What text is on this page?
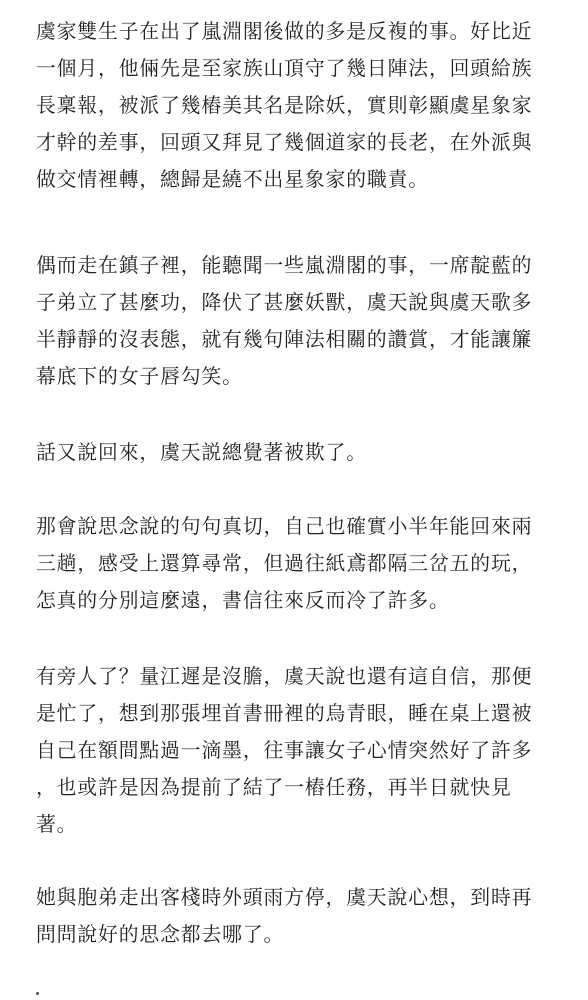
虞家雙生子在出了嵐淵閣後做的多是反複的事。好比近
一個月，他倆先是至家族山頂守了幾日陣法，回頭給族
長稟報，被派了幾樁美其名是除妖，實則彰顯虞星象家
才幹的差事，回頭又拜見了幾個道家的長老，在外派與
做交情裡轉，總歸是繞不出星象家的職責。
偶而走在鎮子裡，能聽聞一些嵐淵閣的事，一席靛藍的
子弟立了甚麼功，降伏了甚麼妖獸，虞天說與虞天歌多
半靜靜的沒表態，就有幾句陣法相關的讚賞，才能讓簾
幕底下的女子唇勾笑。
話又說回來，虞天説總覺著被欺了。
那會說思念說的句句真切，自己也確實小半年能回來兩
三趟，感受上還算尋常，但過往紙鳶都隔三岔五的玩，
怎真的分別這麼遠，書信往來反而冷了許多。
有旁人了？量江遲是沒膽，虞天說也還有這自信，那便
是忙了，想到那張埋首書冊裡的烏青眼，睡在桌上還被
自己在額間點過一滴墨，往事讓女子心情突然好了許多
，也或許是因為提前了結了一樁任務，再半日就快見
著。
她與胞弟走出客棧時外頭雨方停，虞天說心想，到時再
問問說好的思念都去哪了。
